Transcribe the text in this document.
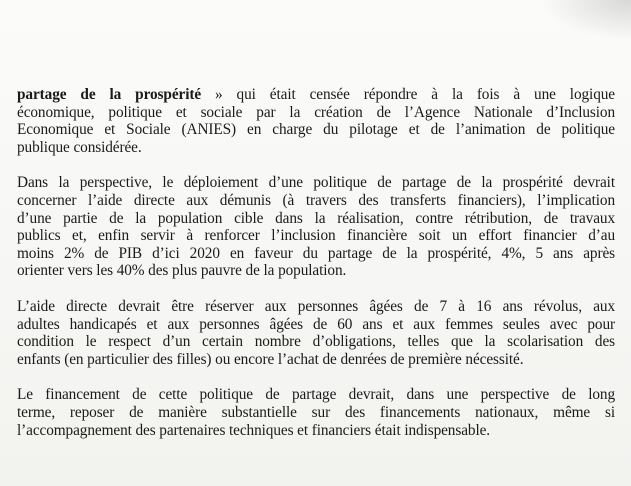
partage de la prospérité » qui était censée répondre à la fois à une logique
économique, politique et sociale par la création de l’Agence Nationale d’Inclusion
Economique et Sociale (ANIES) en charge du pilotage et de l’animation de politique
publique considérée.

Dans la perspective, le déploiement d’une politique de partage de la prospérité devrait
concerner l’aide directe aux démunis (à travers des transferts financiers), l’implication
d’une partie de la population cible dans la réalisation, contre rétribution, de travaux
publics et, enfin servir à renforcer l’inclusion financière soit un effort financier d’au
moins 2% de PIB d’ici 2020 en faveur du partage de la prospérité, 4%, 5 ans après
orienter vers les 40% des plus pauvre de la population.

L’aide directe devrait être réserver aux personnes âgées de 7 à 16 ans révolus, aux
adultes handicapés et aux personnes âgées de 60 ans et aux femmes seules avec pour
condition le respect d’un certain nombre d’obligations, telles que la scolarisation des
enfants (en particulier des filles) ou encore l’achat de denrées de première nécessité.

Le financement de cette politique de partage devrait, dans une perspective de long
terme, reposer de manière substantielle sur des financements nationaux, même si
l’accompagnement des partenaires techniques et financiers était indispensable.
